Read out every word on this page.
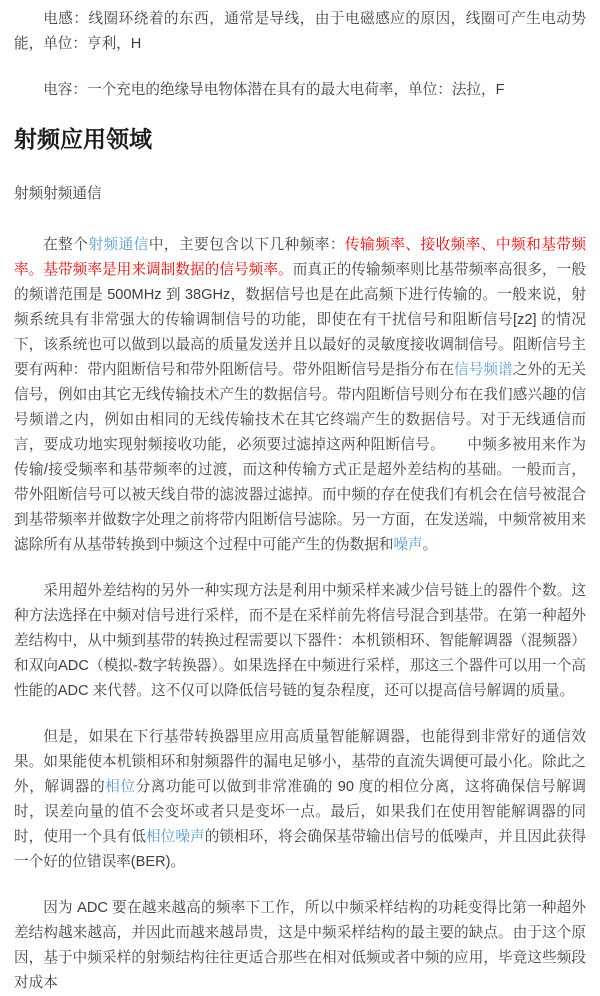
电感：线圈环绕着的东西，通常是导线，由于电磁感应的原因，线圈可产生电动势能，单位：亨利，H

电容：一个充电的绝缘导电物体潜在具有的最大电荷率，单位：法拉，F

射频应用领域

射频射频通信

在整个射频通信中，主要包含以下几种频率：传输频率、接收频率、中频和基带频率。基带频率是用来调制数据的信号频率。而真正的传输频率则比基带频率高很多，一般的频谱范围是 500MHz 到 38GHz，数据信号也是在此高频下进行传输的。一般来说，射频系统具有非常强大的传输调制信号的功能，即使在有干扰信号和阻断信号[z2] 的情况下，该系统也可以做到以最高的质量发送并且以最好的灵敏度接收调制信号。阻断信号主要有两种：带内阻断信号和带外阻断信号。带外阻断信号是指分布在信号频谱之外的无关信号，例如由其它无线传输技术产生的数据信号。带内阻断信号则分布在我们感兴趣的信号频谱之内，例如由相同的无线传输技术在其它终端产生的数据信号。对于无线通信而言，要成功地实现射频接收功能，必须要过滤掉这两种阻断信号。　　中频多被用来作为传输/接受频率和基带频率的过渡，而这种传输方式正是超外差结构的基础。一般而言，带外阻断信号可以被天线自带的滤波器过滤掉。而中频的存在使我们有机会在信号被混合到基带频率并做数字处理之前将带内阻断信号滤除。另一方面，在发送端，中频常被用来滤除所有从基带转换到中频这个过程中可能产生的伪数据和噪声。

采用超外差结构的另外一种实现方法是利用中频采样来减少信号链上的器件个数。这种方法选择在中频对信号进行采样，而不是在采样前先将信号混合到基带。在第一种超外差结构中，从中频到基带的转换过程需要以下器件：本机锁相环、智能解调器（混频器）和双向ADC（模拟-数字转换器）。如果选择在中频进行采样，那这三个器件可以用一个高性能的ADC 来代替。这不仅可以降低信号链的复杂程度，还可以提高信号解调的质量。

但是，如果在下行基带转换器里应用高质量智能解调器，也能得到非常好的通信效果。如果能使本机锁相环和射频器件的漏电足够小，基带的直流失调便可最小化。除此之外，解调器的相位分离功能可以做到非常准确的 90 度的相位分离，这将确保信号解调时，误差向量的值不会变坏或者只是变坏一点。最后，如果我们在使用智能解调器的同时，使用一个具有低相位噪声的锁相环，将会确保基带输出信号的低噪声，并且因此获得一个好的位错误率(BER)。

因为 ADC 要在越来越高的频率下工作，所以中频采样结构的功耗变得比第一种超外差结构越来越高，并因此而越来越昂贵，这是中频采样结构的最主要的缺点。由于这个原因，基于中频采样的射频结构往往更适合那些在相对低频或者中频的应用，毕竟这些频段对成本
